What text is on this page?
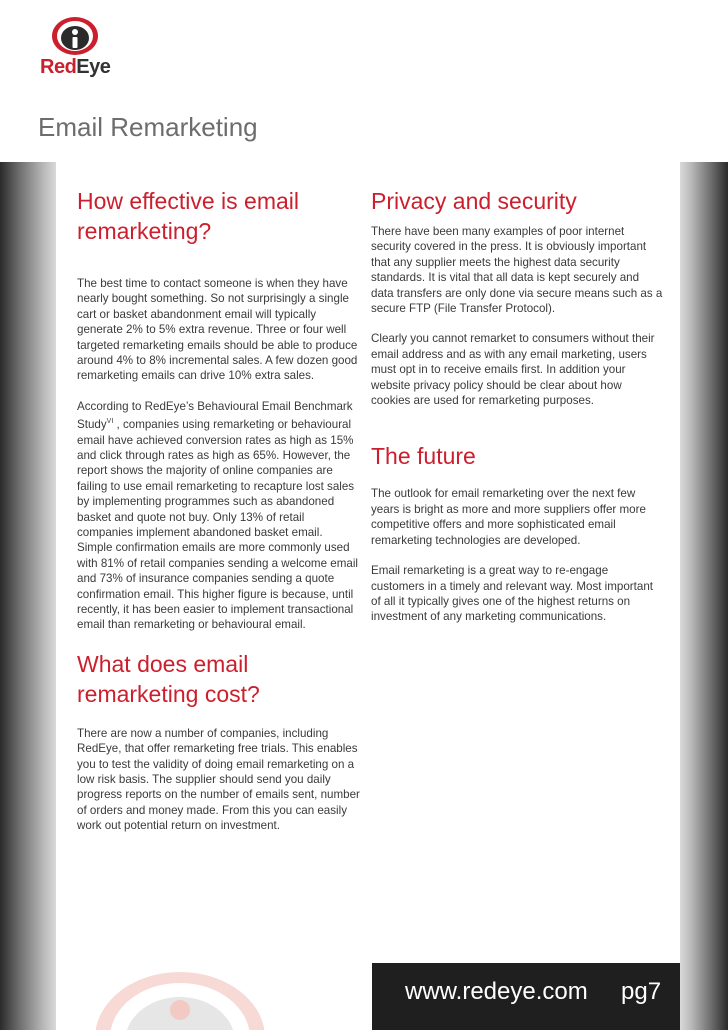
RedEye
Email Remarketing
How effective is email remarketing?

The best time to contact someone is when they have nearly bought something. So not surprisingly a single cart or basket abandonment email will typically generate 2% to 5% extra revenue. Three or four well targeted remarketing emails should be able to produce around 4% to 8% incremental sales. A few dozen good remarketing emails can drive 10% extra sales.

According to RedEye’s Behavioural Email Benchmark Study$^{VI}$ , companies using remarketing or behavioural email have achieved conversion rates as high as 15% and click through rates as high as 65%. However, the report shows the majority of online companies are failing to use email remarketing to recapture lost sales by implementing programmes such as abandoned basket and quote not buy. Only 13% of retail companies implement abandoned basket email. Simple confirmation emails are more commonly used with 81% of retail companies sending a welcome email and 73% of insurance companies sending a quote confirmation email. This higher figure is because, until recently, it has been easier to implement transactional email than remarketing or behavioural email.

What does email remarketing cost?

There are now a number of companies, including RedEye, that offer remarketing free trials. This enables you to test the validity of doing email remarketing on a low risk basis. The supplier should send you daily progress reports on the number of emails sent, number of orders and money made. From this you can easily work out potential return on investment.

Privacy and security

There have been many examples of poor internet security covered in the press. It is obviously important that any supplier meets the highest data security standards. It is vital that all data is kept securely and data transfers are only done via secure means such as a secure FTP (File Transfer Protocol).

Clearly you cannot remarket to consumers without their email address and as with any email marketing, users must opt in to receive emails first. In addition your website privacy policy should be clear about how cookies are used for remarketing purposes.

The future

The outlook for email remarketing over the next few years is bright as more and more suppliers offer more competitive offers and more sophisticated email remarketing technologies are developed.

Email remarketing is a great way to re-engage customers in a timely and relevant way. Most important of all it typically gives one of the highest returns on investment of any marketing communications.

www.redeye.com pg7
